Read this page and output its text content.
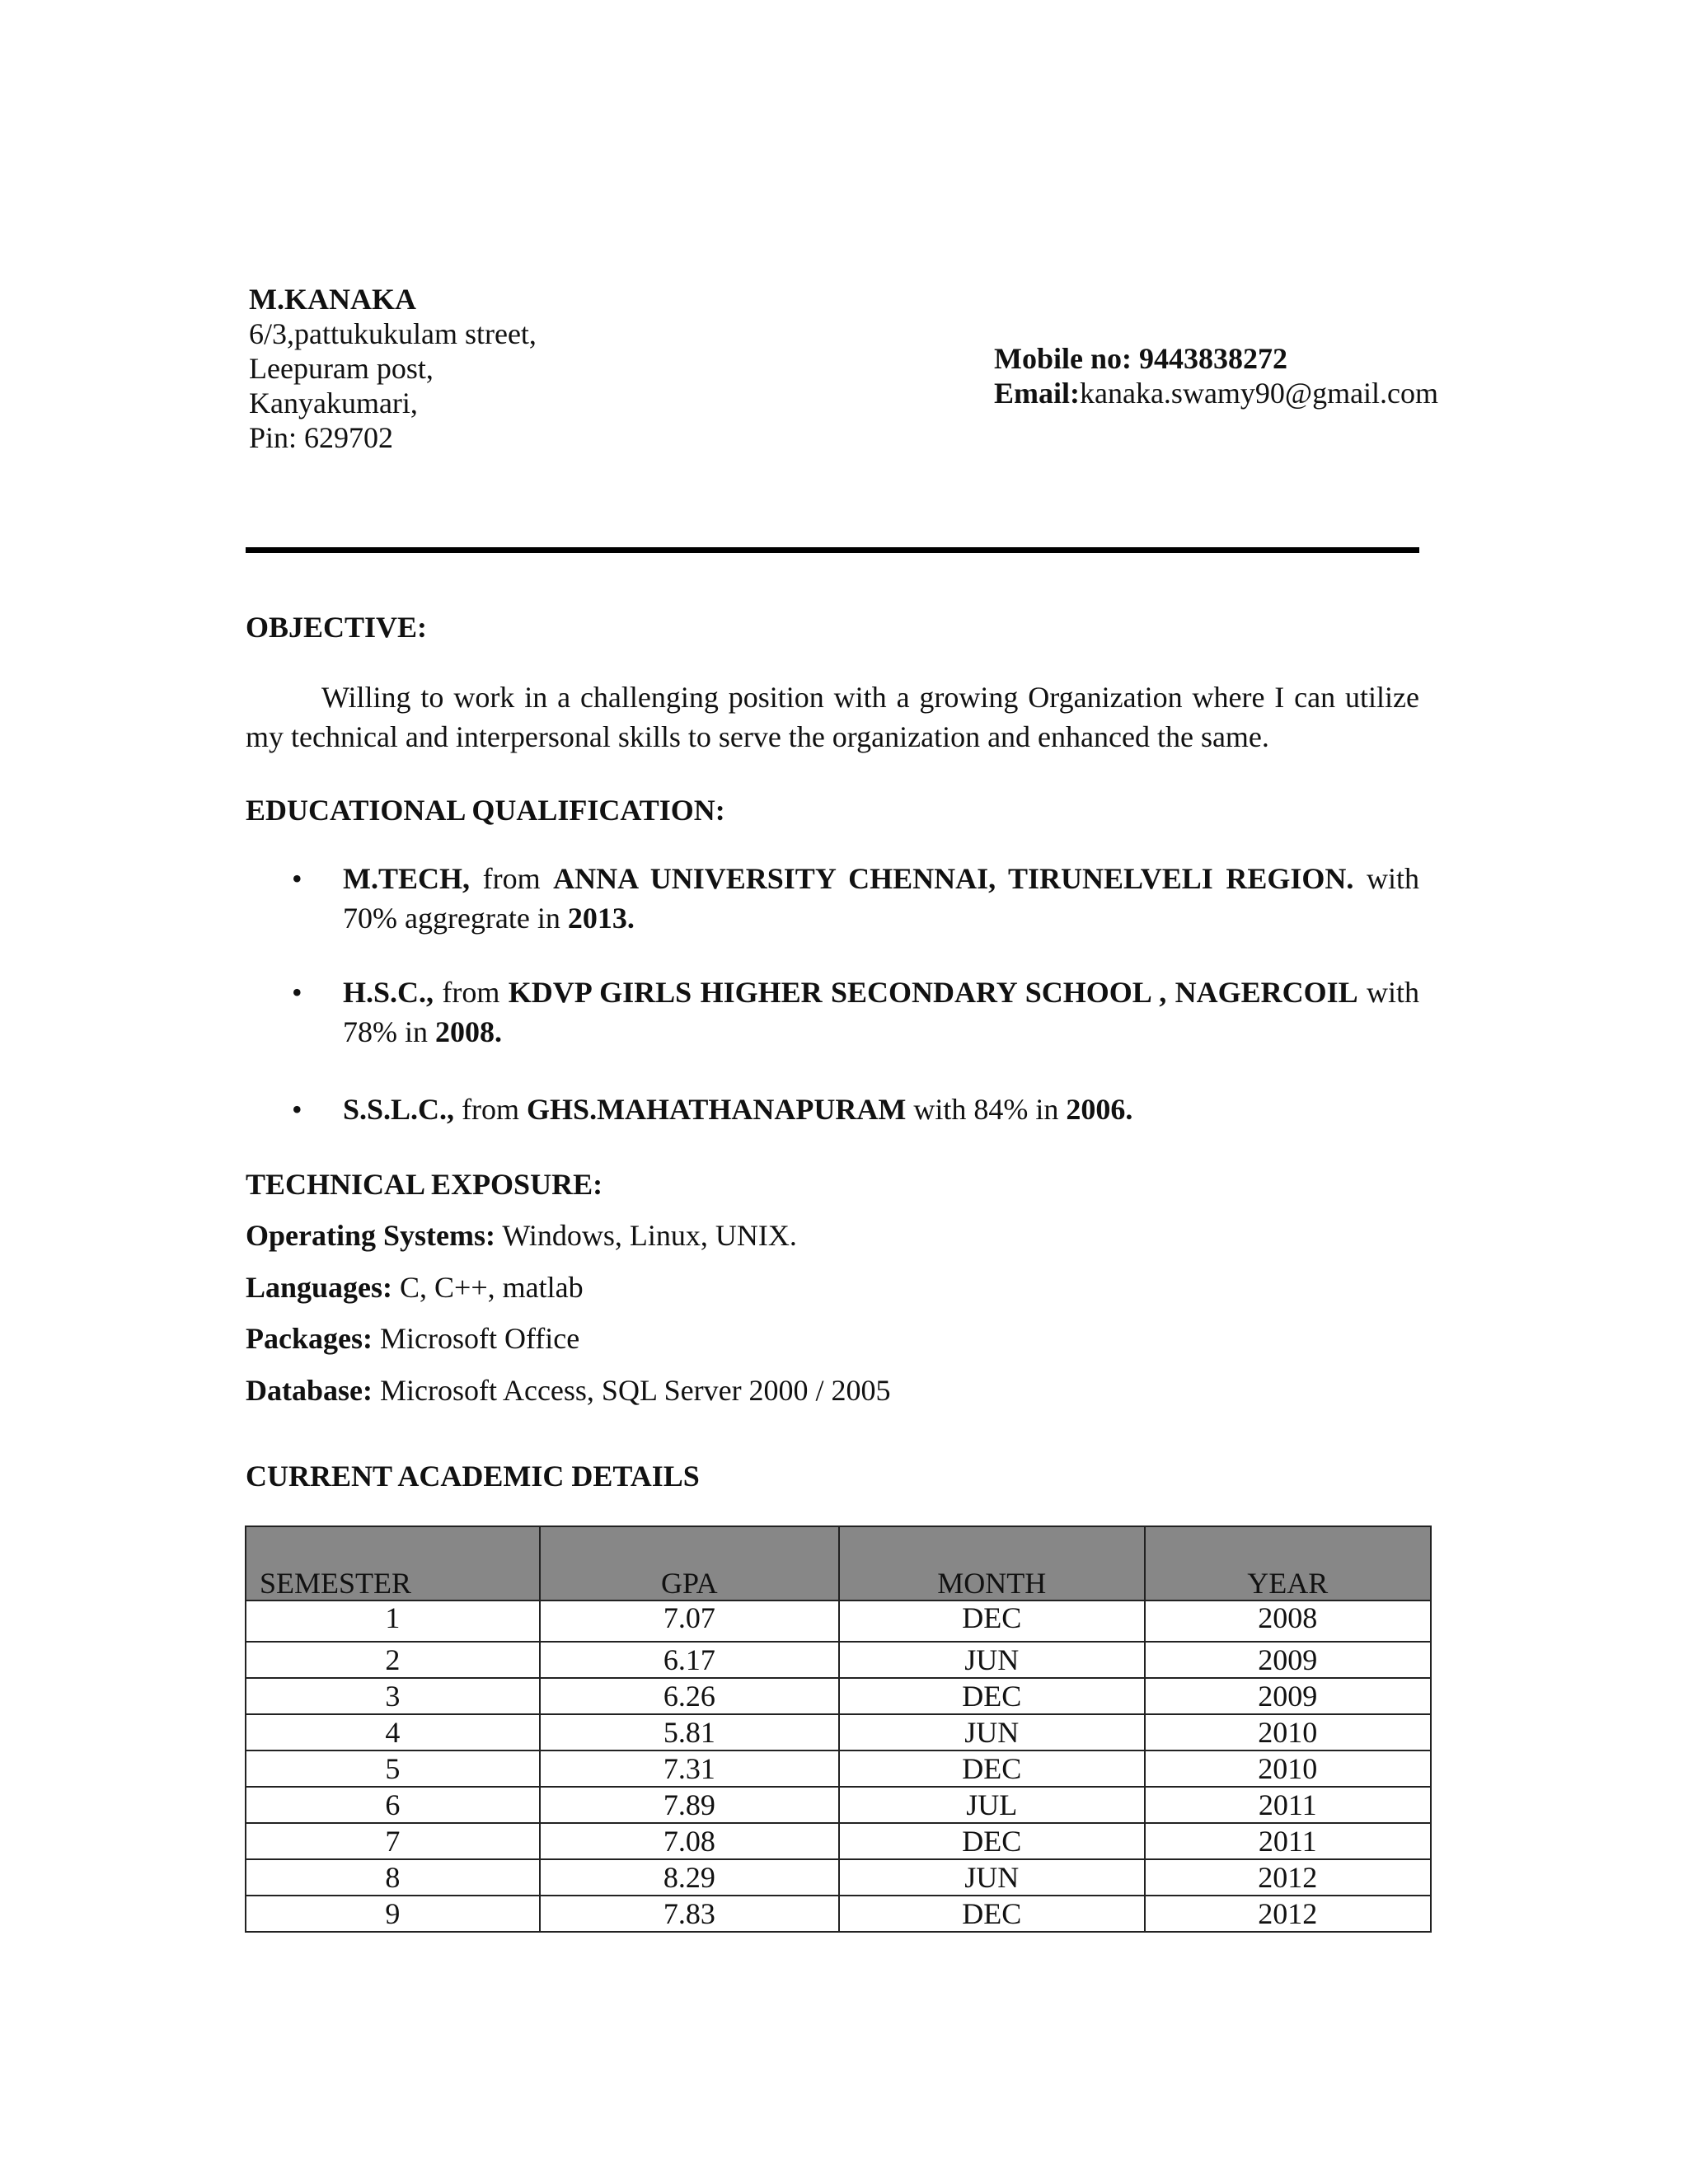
M.KANAKA
6/3,pattukukulam street,
Leepuram post,
Kanyakumari,
Pin: 629702
Mobile no: 9443838272
Email:kanaka.swamy90@gmail.com
OBJECTIVE:
Willing to work in a challenging position with a growing Organization where I can utilize my technical and interpersonal skills to serve the organization and enhanced the same.
EDUCATIONAL QUALIFICATION:
•	M.TECH, from ANNA UNIVERSITY CHENNAI, TIRUNELVELI REGION. with 70% aggregrate in 2013.
•	H.S.C., from KDVP GIRLS HIGHER SECONDARY SCHOOL , NAGERCOIL with 78% in 2008.
•	S.S.L.C., from GHS.MAHATHANAPURAM with 84% in 2006.
TECHNICAL EXPOSURE:
Operating Systems: Windows, Linux, UNIX.
Languages: C, C++, matlab
Packages: Microsoft Office
Database: Microsoft Access, SQL Server 2000 / 2005
CURRENT ACADEMIC DETAILS
SEMESTER	GPA	MONTH	YEAR
1	7.07	DEC	2008
2	6.17	JUN	2009
3	6.26	DEC	2009
4	5.81	JUN	2010
5	7.31	DEC	2010
6	7.89	JUL	2011
7	7.08	DEC	2011
8	8.29	JUN	2012
9	7.83	DEC	2012
